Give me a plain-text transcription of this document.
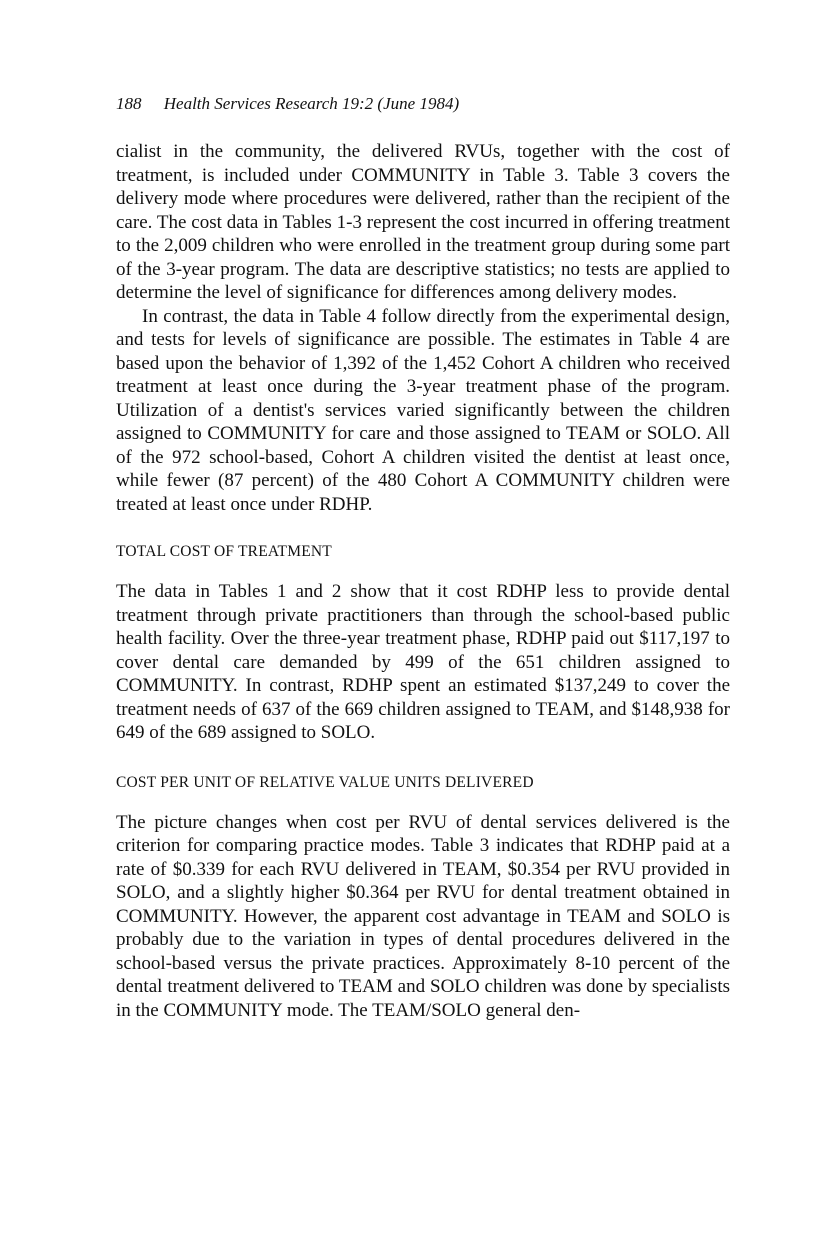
188 Health Services Research 19:2 (June 1984)

cialist in the community, the delivered RVUs, together with the cost of treatment, is included under COMMUNITY in Table 3. Table 3 covers the delivery mode where procedures were delivered, rather than the recipient of the care. The cost data in Tables 1-3 represent the cost incurred in offering treatment to the 2,009 children who were enrolled in the treatment group during some part of the 3-year program. The data are descriptive statistics; no tests are applied to determine the level of significance for differences among delivery modes.

In contrast, the data in Table 4 follow directly from the experimental design, and tests for levels of significance are possible. The estimates in Table 4 are based upon the behavior of 1,392 of the 1,452 Cohort A children who received treatment at least once during the 3-year treatment phase of the program. Utilization of a dentist's services varied significantly between the children assigned to COMMUNITY for care and those assigned to TEAM or SOLO. All of the 972 school-based, Cohort A children visited the dentist at least once, while fewer (87 percent) of the 480 Cohort A COMMUNITY children were treated at least once under RDHP.

TOTAL COST OF TREATMENT

The data in Tables 1 and 2 show that it cost RDHP less to provide dental treatment through private practitioners than through the school-based public health facility. Over the three-year treatment phase, RDHP paid out $117,197 to cover dental care demanded by 499 of the 651 children assigned to COMMUNITY. In contrast, RDHP spent an estimated $137,249 to cover the treatment needs of 637 of the 669 children assigned to TEAM, and $148,938 for 649 of the 689 assigned to SOLO.

COST PER UNIT OF RELATIVE VALUE UNITS DELIVERED

The picture changes when cost per RVU of dental services delivered is the criterion for comparing practice modes. Table 3 indicates that RDHP paid at a rate of $0.339 for each RVU delivered in TEAM, $0.354 per RVU provided in SOLO, and a slightly higher $0.364 per RVU for dental treatment obtained in COMMUNITY. However, the apparent cost advantage in TEAM and SOLO is probably due to the variation in types of dental procedures delivered in the school-based versus the private practices. Approximately 8-10 percent of the dental treatment delivered to TEAM and SOLO children was done by specialists in the COMMUNITY mode. The TEAM/SOLO general den-
